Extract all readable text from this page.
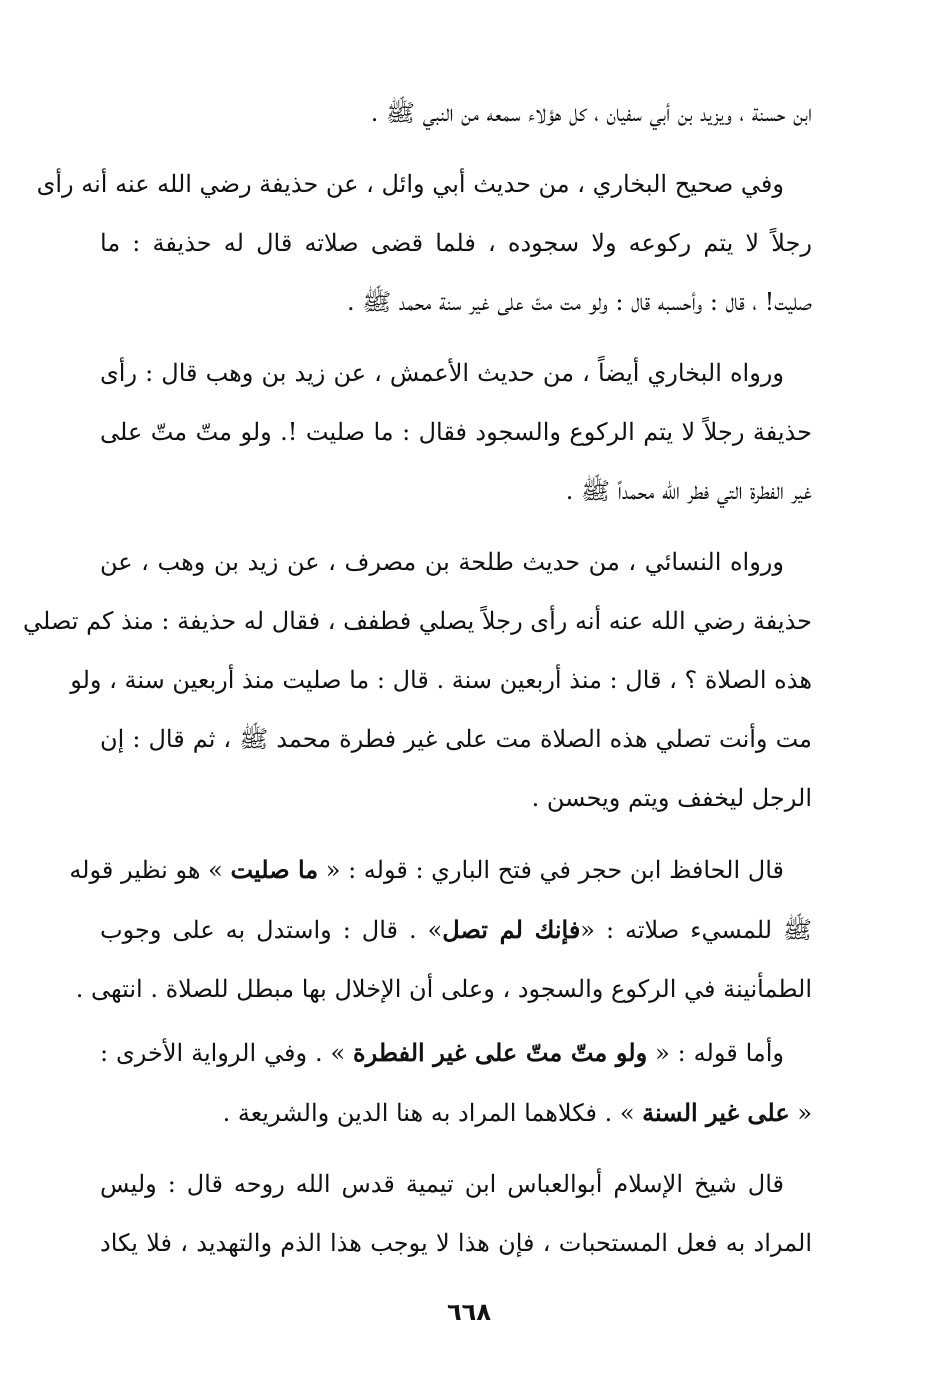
ابن حسنة ، ويزيد بن أبي سفيان ، كل هؤلاء سمعه من النبي ﷺ .

وفي صحيح البخاري ، من حديث أبي وائل ، عن حذيفة رضي الله عنه أنه رأى
رجلاً لا يتم ركوعه ولا سجوده ، فلما قضى صلاته قال له حذيفة : ما
صليت! ، قال : وأحسبه قال : ولو مت متّ على غير سنة محمد ﷺ .

ورواه البخاري أيضاً ، من حديث الأعمش ، عن زيد بن وهب قال : رأى
حذيفة رجلاً لا يتم الركوع والسجود فقال : ما صليت !. ولو متّ متّ على
غير الفطرة التي فطر الله محمداً ﷺ .

ورواه النسائي ، من حديث طلحة بن مصرف ، عن زيد بن وهب ، عن
حذيفة رضي الله عنه أنه رأى رجلاً يصلي فطفف ، فقال له حذيفة : منذ كم تصلي
هذه الصلاة ؟ ، قال : منذ أربعين سنة . قال : ما صليت منذ أربعين سنة ، ولو
مت وأنت تصلي هذه الصلاة مت على غير فطرة محمد ﷺ ، ثم قال : إن
الرجل ليخفف ويتم ويحسن .

قال الحافظ ابن حجر في فتح الباري : قوله : « ما صليت » هو نظير قوله
ﷺ للمسيء صلاته : «فإنك لم تصل» . قال : واستدل به على وجوب
الطمأنينة في الركوع والسجود ، وعلى أن الإخلال بها مبطل للصلاة . انتهى .

وأما قوله : « ولو متّ متّ على غير الفطرة » . وفي الرواية الأخرى :
« على غير السنة » . فكلاهما المراد به هنا الدين والشريعة .

قال شيخ الإسلام أبوالعباس ابن تيمية قدس الله روحه قال : وليس
المراد به فعل المستحبات ، فإن هذا لا يوجب هذا الذم والتهديد ، فلا يكاد

٦٦٨
